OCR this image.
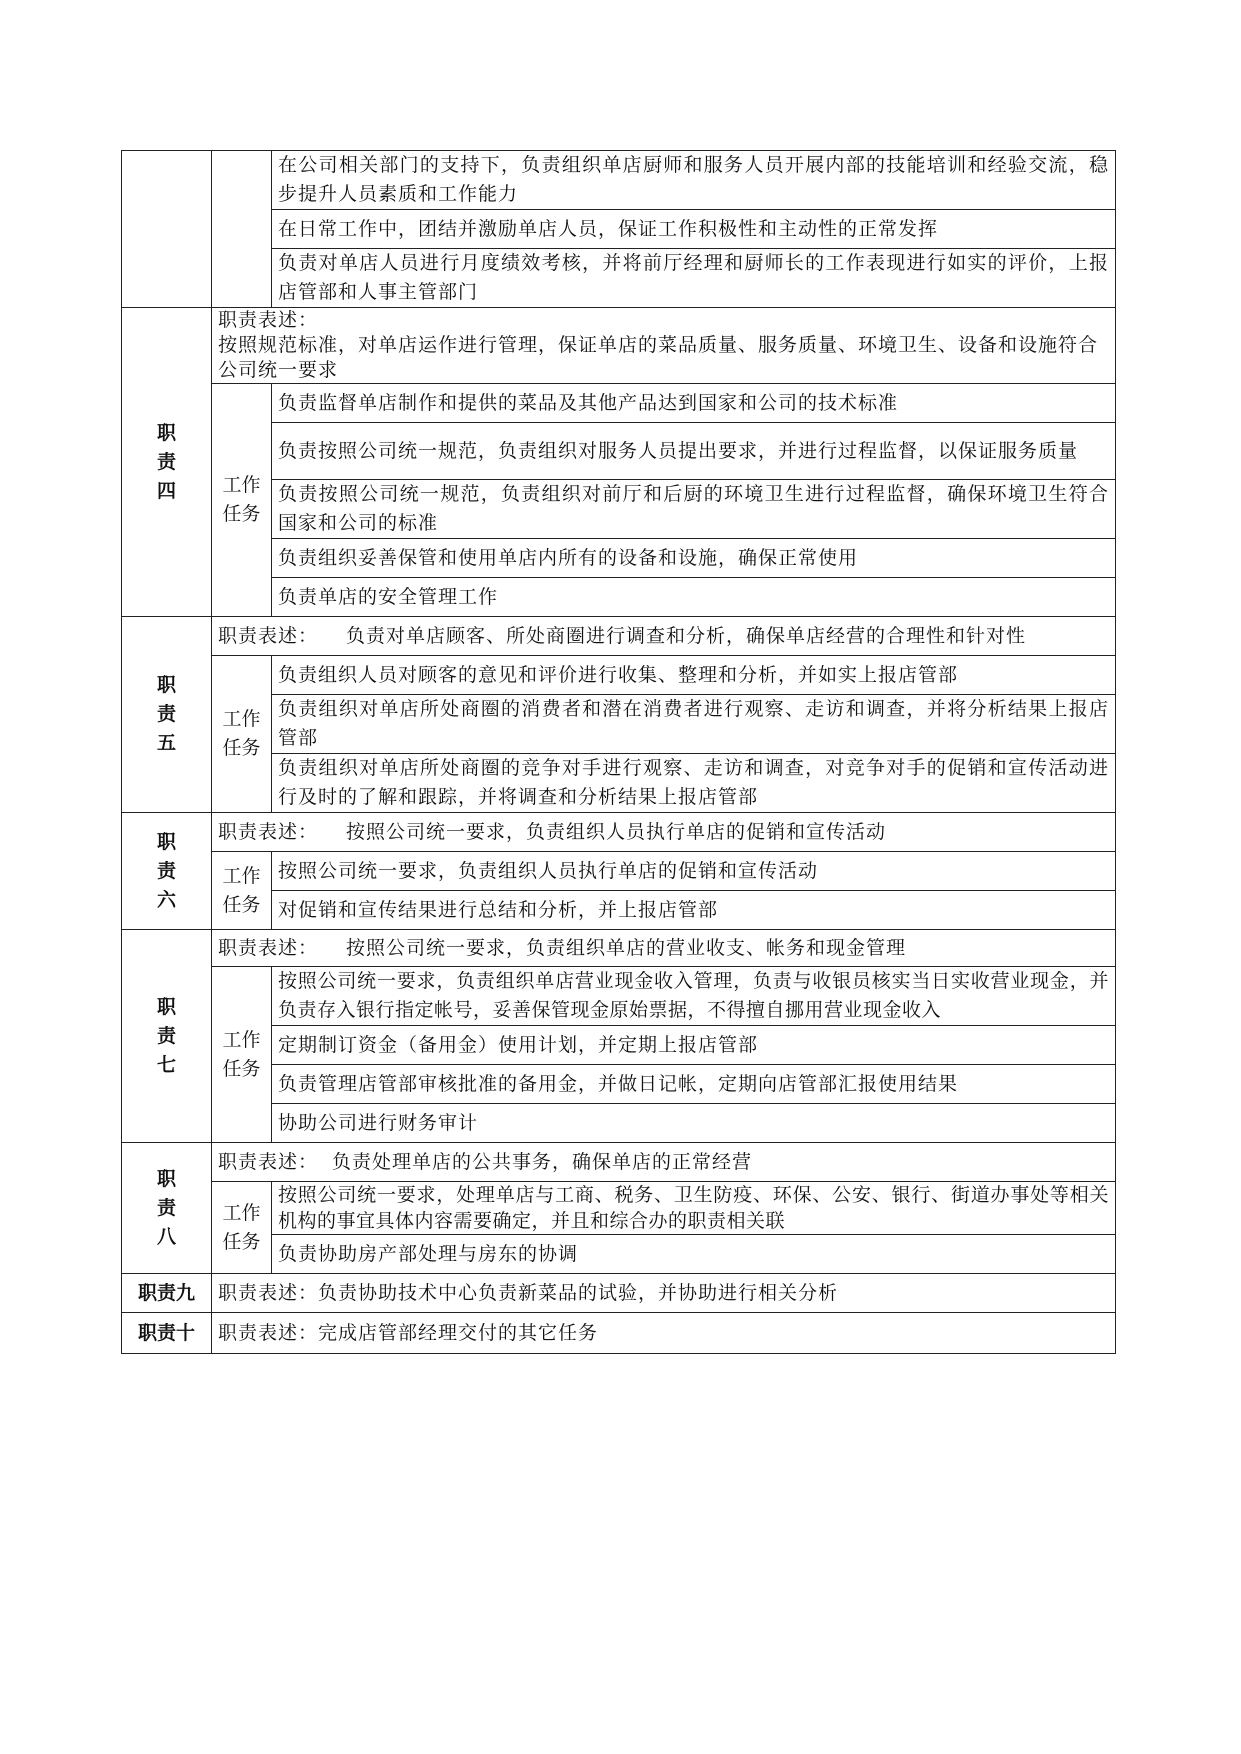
		在公司相关部门的支持下，负责组织单店厨师和服务人员开展内部的技能培训和经验交流，稳步提升人员素质和工作能力
		在日常工作中，团结并激励单店人员，保证工作积极性和主动性的正常发挥
		负责对单店人员进行月度绩效考核，并将前厅经理和厨师长的工作表现进行如实的评价，上报店管部和人事主管部门

职
责
四	职责表述：
按照规范标准，对单店运作进行管理，保证单店的菜品质量、服务质量、环境卫生、设备和设施符合公司统一要求	

	工作
任务	负责监督单店制作和提供的菜品及其他产品达到国家和公司的技术标准
		负责按照公司统一规范，负责组织对服务人员提出要求，并进行过程监督，以保证服务质量
		负责按照公司统一规范，负责组织对前厅和后厨的环境卫生进行过程监督，确保环境卫生符合国家和公司的标准
		负责组织妥善保管和使用单店内所有的设备和设施，确保正常使用
		负责单店的安全管理工作

职
责
五	职责表述： 负责对单店顾客、所处商圈进行调查和分析，确保单店经营的合理性和针对性	

	工作
任务	负责组织人员对顾客的意见和评价进行收集、整理和分析，并如实上报店管部
		负责组织对单店所处商圈的消费者和潜在消费者进行观察、走访和调查，并将分析结果上报店管部
		负责组织对单店所处商圈的竞争对手进行观察、走访和调查，对竞争对手的促销和宣传活动进行及时的了解和跟踪，并将调查和分析结果上报店管部

职
责
六	职责表述： 按照公司统一要求，负责组织人员执行单店的促销和宣传活动	

	工作
任务	按照公司统一要求，负责组织人员执行单店的促销和宣传活动
		对促销和宣传结果进行总结和分析，并上报店管部

职
责
七	职责表述： 按照公司统一要求，负责组织单店的营业收支、帐务和现金管理	

	工作
任务	按照公司统一要求，负责组织单店营业现金收入管理，负责与收银员核实当日实收营业现金，并负责存入银行指定帐号，妥善保管现金原始票据，不得擅自挪用营业现金收入
		定期制订资金（备用金）使用计划，并定期上报店管部
		负责管理店管部审核批准的备用金，并做日记帐，定期向店管部汇报使用结果
		协助公司进行财务审计

职
责
八	职责表述： 负责处理单店的公共事务，确保单店的正常经营	

	工作
任务	按照公司统一要求，处理单店与工商、税务、卫生防疫、环保、公安、银行、街道办事处等相关机构的事宜具体内容需要确定，并且和综合办的职责相关联
		负责协助房产部处理与房东的协调
职责九	职责表述：负责协助技术中心负责新菜品的试验，并协助进行相关分析	
职责十	职责表述：完成店管部经理交付的其它任务	
